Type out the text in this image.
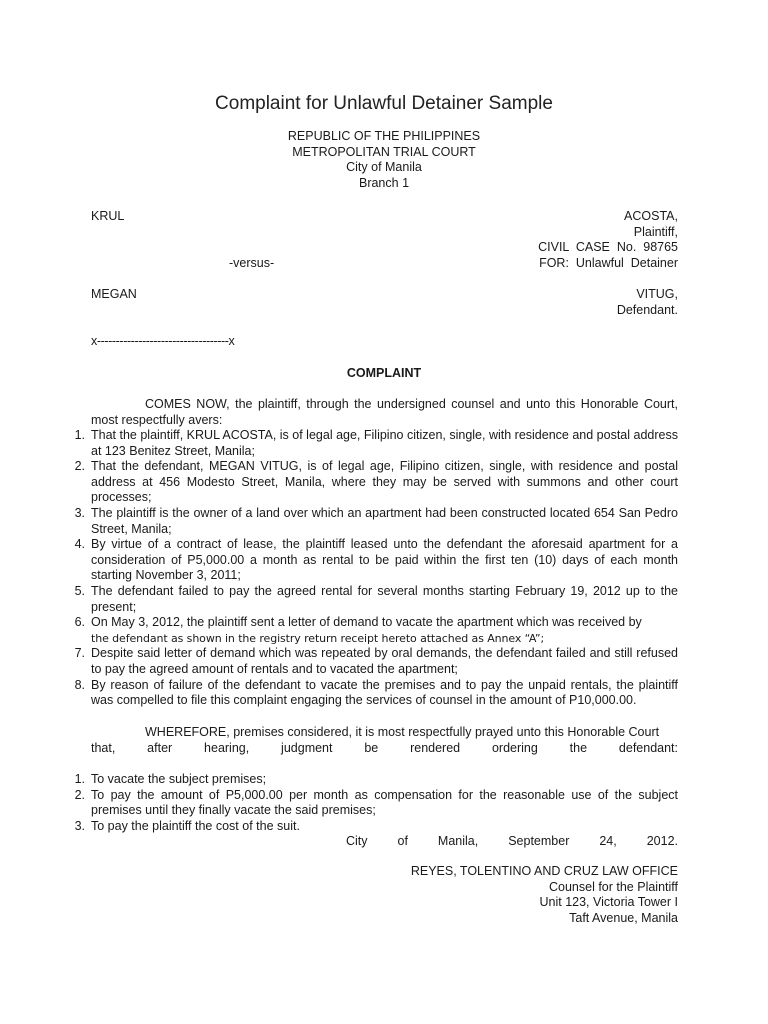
Complaint for Unlawful Detainer Sample
REPUBLIC OF THE PHILIPPINES
METROPOLITAN TRIAL COURT
City of Manila
Branch 1
KRUL	ACOSTA,
Plaintiff,
CIVIL  CASE  No.  98765
-versus-	FOR:  Unlawful  Detainer
MEGAN	VITUG,
Defendant.
x-----------------------------------x
COMPLAINT
COMES NOW, the plaintiff, through the undersigned counsel and unto this Honorable Court, most respectfully avers:
1. That the plaintiff, KRUL ACOSTA, is of legal age, Filipino citizen, single, with residence and postal address at 123 Benitez Street, Manila;
2. That the defendant, MEGAN VITUG, is of legal age, Filipino citizen, single, with residence and postal address at 456 Modesto Street, Manila, where they may be served with summons and other court processes;
3. The plaintiff is the owner of a land over which an apartment had been constructed located 654 San Pedro Street, Manila;
4. By virtue of a contract of lease, the plaintiff leased unto the defendant the aforesaid apartment for a consideration of P5,000.00 a month as rental to be paid within the first ten (10) days of each month starting November 3, 2011;
5. The defendant failed to pay the agreed rental for several months starting February 19, 2012 up to the present;
6. On May 3, 2012, the plaintiff sent a letter of demand to vacate the apartment which was received by
the defendant as shown in the registry return receipt hereto attached as Annex “A”;
7. Despite said letter of demand which was repeated by oral demands, the defendant failed and still refused to pay the agreed amount of rentals and to vacated the apartment;
8. By reason of failure of the defendant to vacate the premises and to pay the unpaid rentals, the plaintiff was compelled to file this complaint engaging the services of counsel in the amount of P10,000.00.
WHEREFORE, premises considered, it is most respectfully prayed unto this Honorable Court
that,    after    hearing,    judgment    be    rendered    ordering    the    defendant:
1. To vacate the subject premises;
2. To pay the amount of P5,000.00 per month as compensation for the reasonable use of the subject premises until they finally vacate the said premises;
3. To pay the plaintiff the cost of the suit.
City    of    Manila,    September    24,    2012.
REYES, TOLENTINO AND CRUZ LAW OFFICE
Counsel for the Plaintiff
Unit 123, Victoria Tower I
Taft Avenue, Manila
